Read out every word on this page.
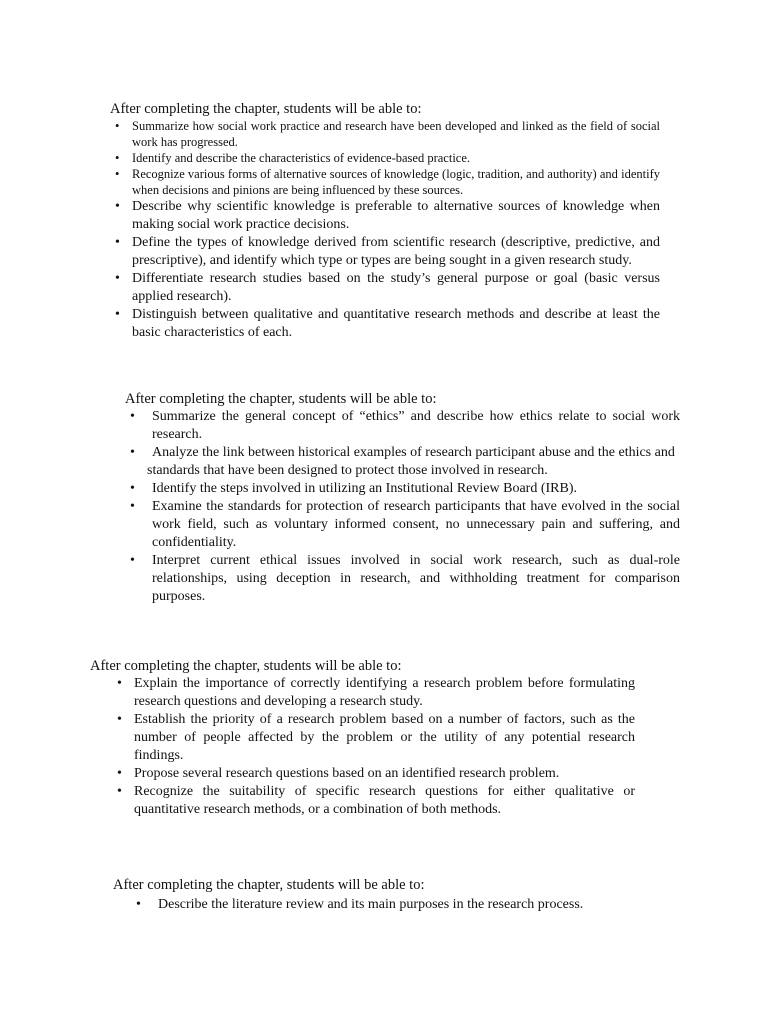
After completing the chapter, students will be able to:

• Summarize how social work practice and research have been developed and linked as the field of social work has progressed.
• Identify and describe the characteristics of evidence-based practice.
• Recognize various forms of alternative sources of knowledge (logic, tradition, and authority) and identify when decisions and pinions are being influenced by these sources.
• Describe why scientific knowledge is preferable to alternative sources of knowledge when making social work practice decisions.
• Define the types of knowledge derived from scientific research (descriptive, predictive, and prescriptive), and identify which type or types are being sought in a given research study.
• Differentiate research studies based on the study’s general purpose or goal (basic versus applied research).
• Distinguish between qualitative and quantitative research methods and describe at least the basic characteristics of each.

After completing the chapter, students will be able to:

• Summarize the general concept of “ethics” and describe how ethics relate to social work research.
• Analyze the link between historical examples of research participant abuse and the ethics and

standards that have been designed to protect those involved in research.

• Identify the steps involved in utilizing an Institutional Review Board (IRB).
• Examine the standards for protection of research participants that have evolved in the social work field, such as voluntary informed consent, no unnecessary pain and suffering, and confidentiality.
• Interpret current ethical issues involved in social work research, such as dual-role relationships, using deception in research, and withholding treatment for comparison purposes.

After completing the chapter, students will be able to:

• Explain the importance of correctly identifying a research problem before formulating research questions and developing a research study.
• Establish the priority of a research problem based on a number of factors, such as the number of people affected by the problem or the utility of any potential research findings.
• Propose several research questions based on an identified research problem.
• Recognize the suitability of specific research questions for either qualitative or quantitative research methods, or a combination of both methods.

After completing the chapter, students will be able to:

• Describe the literature review and its main purposes in the research process.
